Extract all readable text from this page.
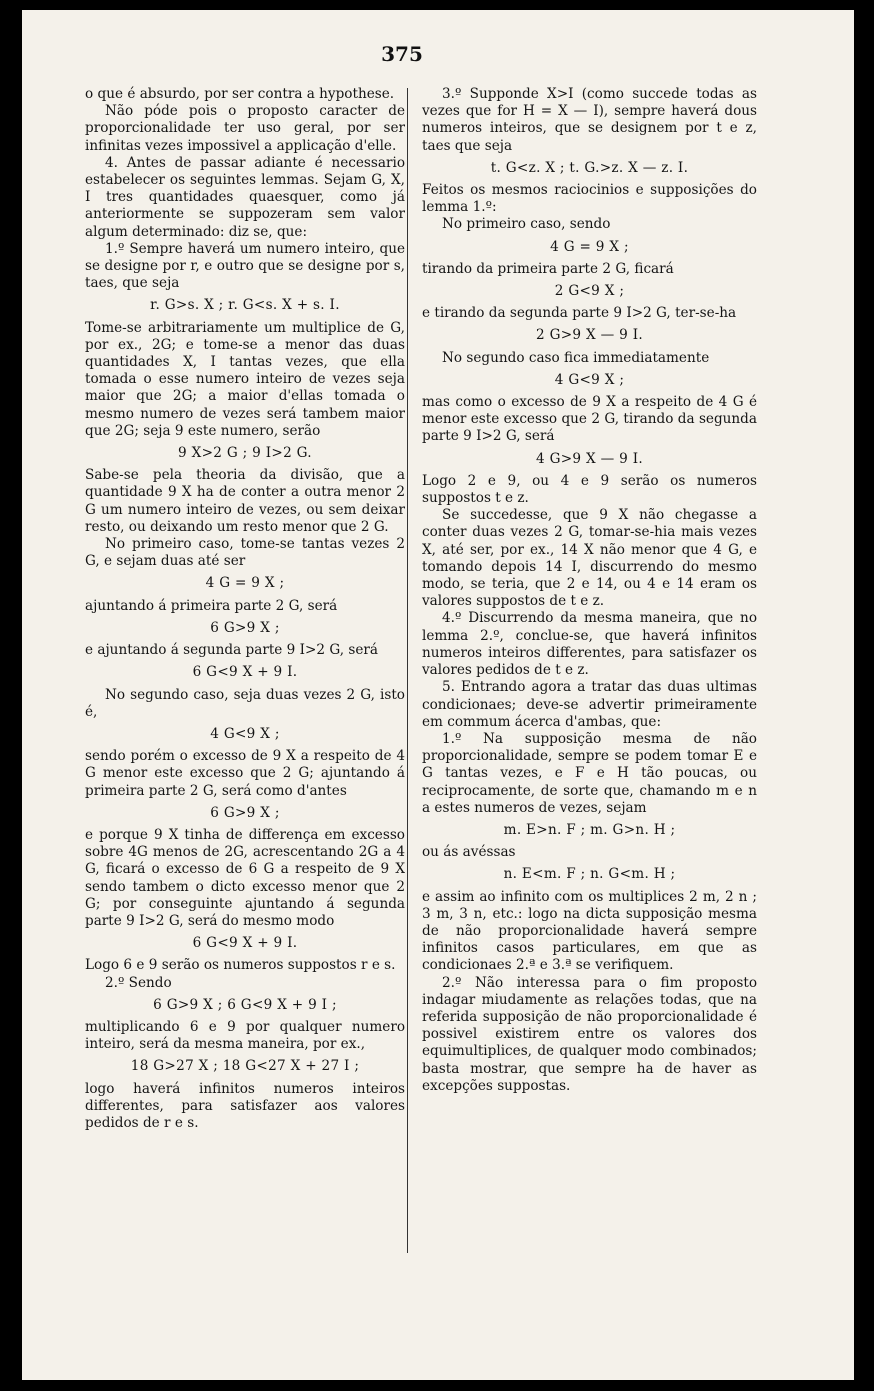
375

o que é absurdo, por ser contra a hypothese.

Não póde pois o proposto caracter de proporcionalidade ter uso geral, por ser infinitas vezes impossivel a applicação d'elle.

4. Antes de passar adiante é necessario estabelecer os seguintes lemmas. Sejam G, X, I tres quantidades quaesquer, como já anteriormente se suppozeram sem valor algum determinado: diz se, que:

1.º Sempre haverá um numero inteiro, que se designe por r, e outro que se designe por s, taes, que seja

r. G>s. X ; r. G<s. X + s. I.

Tome-se arbitrariamente um multiplice de G, por ex., 2G; e tome-se a menor das duas quantidades X, I tantas vezes, que ella tomada o esse numero inteiro de vezes seja maior que 2G; a maior d'ellas tomada o mesmo numero de vezes será tambem maior que 2G; seja 9 este numero, serão

9 X>2 G ; 9 I>2 G.

Sabe-se pela theoria da divisão, que a quantidade 9 X ha de conter a outra menor 2 G um numero inteiro de vezes, ou sem deixar resto, ou deixando um resto menor que 2 G.

No primeiro caso, tome-se tantas vezes 2 G, e sejam duas até ser

4 G = 9 X ;

ajuntando á primeira parte 2 G, será

6 G>9 X ;

e ajuntando á segunda parte 9 I>2 G, será

6 G<9 X + 9 I.

No segundo caso, seja duas vezes 2 G, isto é,

4 G<9 X ;

sendo porém o excesso de 9 X a respeito de 4 G menor este excesso que 2 G; ajuntando á primeira parte 2 G, será como d'antes

6 G>9 X ;

e porque 9 X tinha de differença em excesso sobre 4G menos de 2G, acrescentando 2G a 4 G, ficará o excesso de 6 G a respeito de 9 X sendo tambem o dicto excesso menor que 2 G; por conseguinte ajuntando á segunda parte 9 I>2 G, será do mesmo modo

6 G<9 X + 9 I.

Logo 6 e 9 serão os numeros suppostos r e s.

2.º Sendo

6 G>9 X ; 6 G<9 X + 9 I ;

multiplicando 6 e 9 por qualquer numero inteiro, será da mesma maneira, por ex.,

18 G>27 X ; 18 G<27 X + 27 I ;

logo haverá infinitos numeros inteiros differentes, para satisfazer aos valores pedidos de r e s.

3.º Supponde X>I (como succede todas as vezes que for H = X — I), sempre haverá dous numeros inteiros, que se designem por t e z, taes que seja

t. G<z. X ; t. G.>z. X — z. I.

Feitos os mesmos raciocinios e supposições do lemma 1.º:

No primeiro caso, sendo

4 G = 9 X ;

tirando da primeira parte 2 G, ficará

2 G<9 X ;

e tirando da segunda parte 9 I>2 G, ter-se-ha

2 G>9 X — 9 I.

No segundo caso fica immediatamente

4 G<9 X ;

mas como o excesso de 9 X a respeito de 4 G é menor este excesso que 2 G, tirando da segunda parte 9 I>2 G, será

4 G>9 X — 9 I.

Logo 2 e 9, ou 4 e 9 serão os numeros suppostos t e z.

Se succedesse, que 9 X não chegasse a conter duas vezes 2 G, tomar-se-hia mais vezes X, até ser, por ex., 14 X não menor que 4 G, e tomando depois 14 I, discurrendo do mesmo modo, se teria, que 2 e 14, ou 4 e 14 eram os valores suppostos de t e z.

4.º Discurrendo da mesma maneira, que no lemma 2.º, conclue-se, que haverá infinitos numeros inteiros differentes, para satisfazer os valores pedidos de t e z.

5. Entrando agora a tratar das duas ultimas condicionaes; deve-se advertir primeiramente em commum ácerca d'ambas, que:

1.º Na supposição mesma de não proporcionalidade, sempre se podem tomar E e G tantas vezes, e F e H tão poucas, ou reciprocamente, de sorte que, chamando m e n a estes numeros de vezes, sejam

m. E>n. F ; m. G>n. H ;

ou ás avéssas

n. E<m. F ; n. G<m. H ;

e assim ao infinito com os multiplices 2 m, 2 n ; 3 m, 3 n, etc.: logo na dicta supposição mesma de não proporcionalidade haverá sempre infinitos casos particulares, em que as condicionaes 2.ª e 3.ª se verifiquem.

2.º Não interessa para o fim proposto indagar miudamente as relações todas, que na referida supposição de não proporcionalidade é possivel existirem entre os valores dos equimultiplices, de qualquer modo combinados; basta mostrar, que sempre ha de haver as excepções suppostas.
